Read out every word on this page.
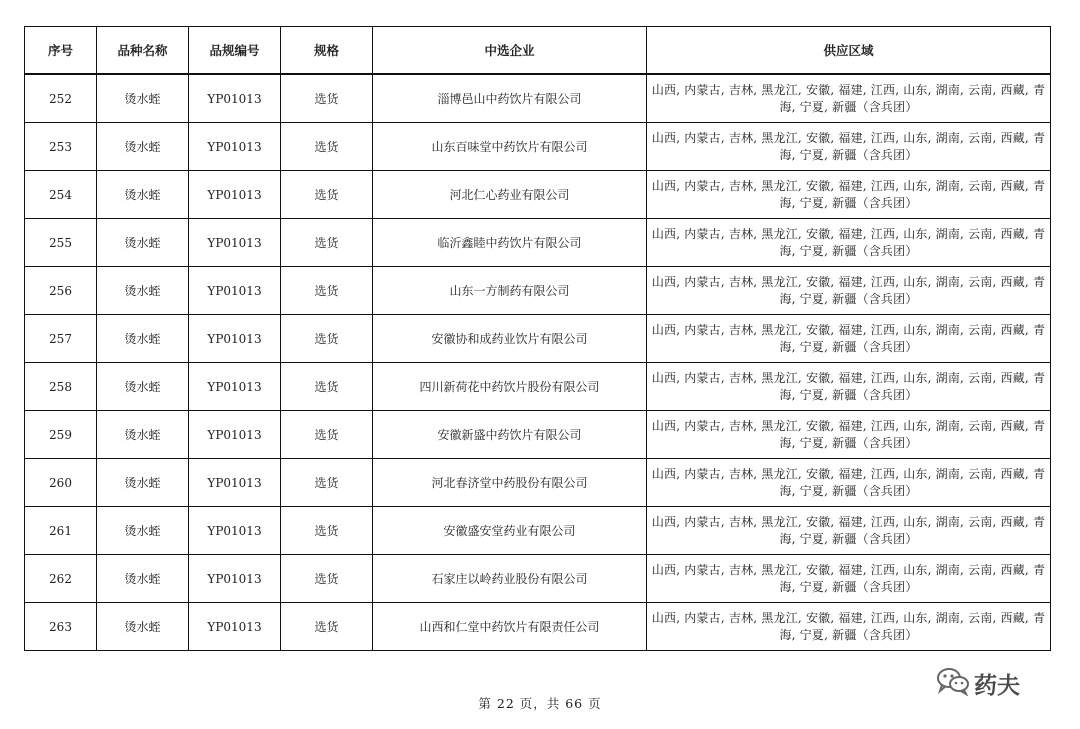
序号	品种名称	品规编号	规格	中选企业	供应区域
252	烫水蛭	YP01013	选货	淄博邑山中药饮片有限公司	山西, 内蒙古, 吉林, 黑龙江, 安徽, 福建, 江西, 山东, 湖南, 云南, 西藏, 青海, 宁夏, 新疆（含兵团）
253	烫水蛭	YP01013	选货	山东百味堂中药饮片有限公司	山西, 内蒙古, 吉林, 黑龙江, 安徽, 福建, 江西, 山东, 湖南, 云南, 西藏, 青海, 宁夏, 新疆（含兵团）
254	烫水蛭	YP01013	选货	河北仁心药业有限公司	山西, 内蒙古, 吉林, 黑龙江, 安徽, 福建, 江西, 山东, 湖南, 云南, 西藏, 青海, 宁夏, 新疆（含兵团）
255	烫水蛭	YP01013	选货	临沂鑫睦中药饮片有限公司	山西, 内蒙古, 吉林, 黑龙江, 安徽, 福建, 江西, 山东, 湖南, 云南, 西藏, 青海, 宁夏, 新疆（含兵团）
256	烫水蛭	YP01013	选货	山东一方制药有限公司	山西, 内蒙古, 吉林, 黑龙江, 安徽, 福建, 江西, 山东, 湖南, 云南, 西藏, 青海, 宁夏, 新疆（含兵团）
257	烫水蛭	YP01013	选货	安徽协和成药业饮片有限公司	山西, 内蒙古, 吉林, 黑龙江, 安徽, 福建, 江西, 山东, 湖南, 云南, 西藏, 青海, 宁夏, 新疆（含兵团）
258	烫水蛭	YP01013	选货	四川新荷花中药饮片股份有限公司	山西, 内蒙古, 吉林, 黑龙江, 安徽, 福建, 江西, 山东, 湖南, 云南, 西藏, 青海, 宁夏, 新疆（含兵团）
259	烫水蛭	YP01013	选货	安徽新盛中药饮片有限公司	山西, 内蒙古, 吉林, 黑龙江, 安徽, 福建, 江西, 山东, 湖南, 云南, 西藏, 青海, 宁夏, 新疆（含兵团）
260	烫水蛭	YP01013	选货	河北春济堂中药股份有限公司	山西, 内蒙古, 吉林, 黑龙江, 安徽, 福建, 江西, 山东, 湖南, 云南, 西藏, 青海, 宁夏, 新疆（含兵团）
261	烫水蛭	YP01013	选货	安徽盛安堂药业有限公司	山西, 内蒙古, 吉林, 黑龙江, 安徽, 福建, 江西, 山东, 湖南, 云南, 西藏, 青海, 宁夏, 新疆（含兵团）
262	烫水蛭	YP01013	选货	石家庄以岭药业股份有限公司	山西, 内蒙古, 吉林, 黑龙江, 安徽, 福建, 江西, 山东, 湖南, 云南, 西藏, 青海, 宁夏, 新疆（含兵团）
263	烫水蛭	YP01013	选货	山西和仁堂中药饮片有限责任公司	山西, 内蒙古, 吉林, 黑龙江, 安徽, 福建, 江西, 山东, 湖南, 云南, 西藏, 青海, 宁夏, 新疆（含兵团）
第 22 页，共 66 页
药夫
